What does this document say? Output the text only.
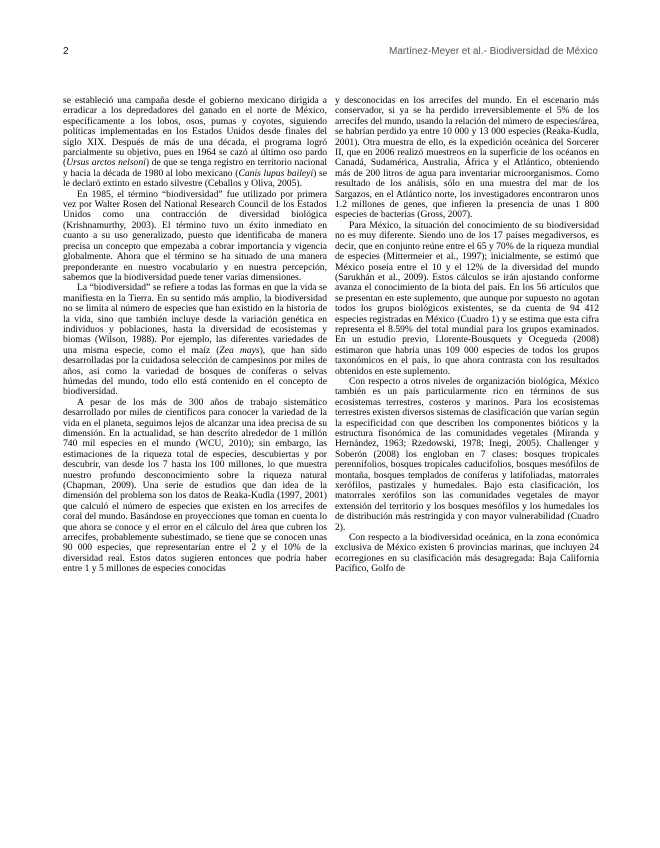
2	Martínez-Meyer et al.- Biodiversidad de México

se estableció una campaña desde el gobierno mexicano dirigida a erradicar a los depredadores del ganado en el norte de México, específicamente a los lobos, osos, pumas y coyotes, siguiendo políticas implementadas en los Estados Unidos desde finales del siglo XIX. Después de más de una década, el programa logró parcialmente su objetivo, pues en 1964 se cazó al último oso pardo (Ursus arctos nelsoni) de que se tenga registro en territorio nacional y hacia la década de 1980 al lobo mexicano (Canis lupus baileyi) se le declaró extinto en estado silvestre (Ceballos y Oliva, 2005).

En 1985, el término “biodiversidad” fue utilizado por primera vez por Walter Rosen del National Research Council de los Estados Unidos como una contracción de diversidad biológica (Krishnamurthy, 2003). El término tuvo un éxito inmediato en cuanto a su uso generalizado, puesto que identificaba de manera precisa un concepto que empezaba a cobrar importancia y vigencia globalmente. Ahora que el término se ha situado de una manera preponderante en nuestro vocabulario y en nuestra percepción, sabemos que la biodiversidad puede tener varias dimensiones.

La “biodiversidad” se refiere a todas las formas en que la vida se manifiesta en la Tierra. En su sentido más amplio, la biodiversidad no se limita al número de especies que han existido en la historia de la vida, sino que también incluye desde la variación genética en individuos y poblaciones, hasta la diversidad de ecosistemas y biomas (Wilson, 1988). Por ejemplo, las diferentes variedades de una misma especie, como el maíz (Zea mays), que han sido desarrolladas por la cuidadosa selección de campesinos por miles de años, así como la variedad de bosques de coníferas o selvas húmedas del mundo, todo ello está contenido en el concepto de biodiversidad.

A pesar de los más de 300 años de trabajo sistemático desarrollado por miles de científicos para conocer la variedad de la vida en el planeta, seguimos lejos de alcanzar una idea precisa de su dimensión. En la actualidad, se han descrito alrededor de 1 millón 740 mil especies en el mundo (WCU, 2010); sin embargo, las estimaciones de la riqueza total de especies, descubiertas y por descubrir, van desde los 7 hasta los 100 millones, lo que muestra nuestro profundo desconocimiento sobre la riqueza natural (Chapman, 2009). Una serie de estudios que dan idea de la dimensión del problema son los datos de Reaka-Kudla (1997, 2001) que calculó el número de especies que existen en los arrecifes de coral del mundo. Basándose en proyecciones que toman en cuenta lo que ahora se conoce y el error en el cálculo del área que cubren los arrecifes, probablemente subestimado, se tiene que se conocen unas 90 000 especies, que representarían entre el 2 y el 10% de la diversidad real. Estos datos sugieren entonces que podría haber entre 1 y 5 millones de especies conocidas

y desconocidas en los arrecifes del mundo. En el escenario más conservador, si ya se ha perdido irreversiblemente el 5% de los arrecifes del mundo, usando la relación del número de especies/área, se habrían perdido ya entre 10 000 y 13 000 especies (Reaka-Kudla, 2001). Otra muestra de ello, es la expedición oceánica del Sorcerer II, que en 2006 realizó muestreos en la superficie de los océanos en Canadá, Sudamérica, Australia, África y el Atlántico, obteniendo más de 200 litros de agua para inventariar microorganismos. Como resultado de los análisis, sólo en una muestra del mar de los Sargazos, en el Atlántico norte, los investigadores encontraron unos 1.2 millones de genes, que infieren la presencia de unas 1 800 especies de bacterias (Gross, 2007).

Para México, la situación del conocimiento de su biodiversidad no es muy diferente. Siendo uno de los 17 países megadiversos, es decir, que en conjunto reúne entre el 65 y 70% de la riqueza mundial de especies (Mittermeier et al., 1997); inicialmente, se estimó que México poseía entre el 10 y el 12% de la diversidad del mundo (Sarukhán et al., 2009). Estos cálculos se irán ajustando conforme avanza el conocimiento de la biota del país. En los 56 artículos que se presentan en este suplemento, que aunque por supuesto no agotan todos los grupos biológicos existentes, se da cuenta de 94 412 especies registradas en México (Cuadro 1) y se estima que esta cifra representa el 8.59% del total mundial para los grupos examinados. En un estudio previo, Llorente-Bousquets y Ocegueda (2008) estimaron que habría unas 109 000 especies de todos los grupos taxonómicos en el país, lo que ahora contrasta con los resultados obtenidos en este suplemento.

Con respecto a otros niveles de organización biológica, México también es un país particularmente rico en términos de sus ecosistemas terrestres, costeros y marinos. Para los ecosistemas terrestres existen diversos sistemas de clasificación que varían según la especificidad con que describen los componentes bióticos y la estructura fisonómica de las comunidades vegetales (Miranda y Hernández, 1963; Rzedowski, 1978; Inegi, 2005). Challenger y Soberón (2008) los engloban en 7 clases: bosques tropicales perennifolios, bosques tropicales caducifolios, bosques mesófilos de montaña, bosques templados de coníferas y latifoliadas, matorrales xerófilos, pastizales y humedales. Bajo esta clasificación, los matorrales xerófilos son las comunidades vegetales de mayor extensión del territorio y los bosques mesófilos y los humedales los de distribución más restringida y con mayor vulnerabilidad (Cuadro 2).

Con respecto a la biodiversidad oceánica, en la zona económica exclusiva de México existen 6 provincias marinas, que incluyen 24 ecorregiones en su clasificación más desagregada: Baja California Pacífico, Golfo de
